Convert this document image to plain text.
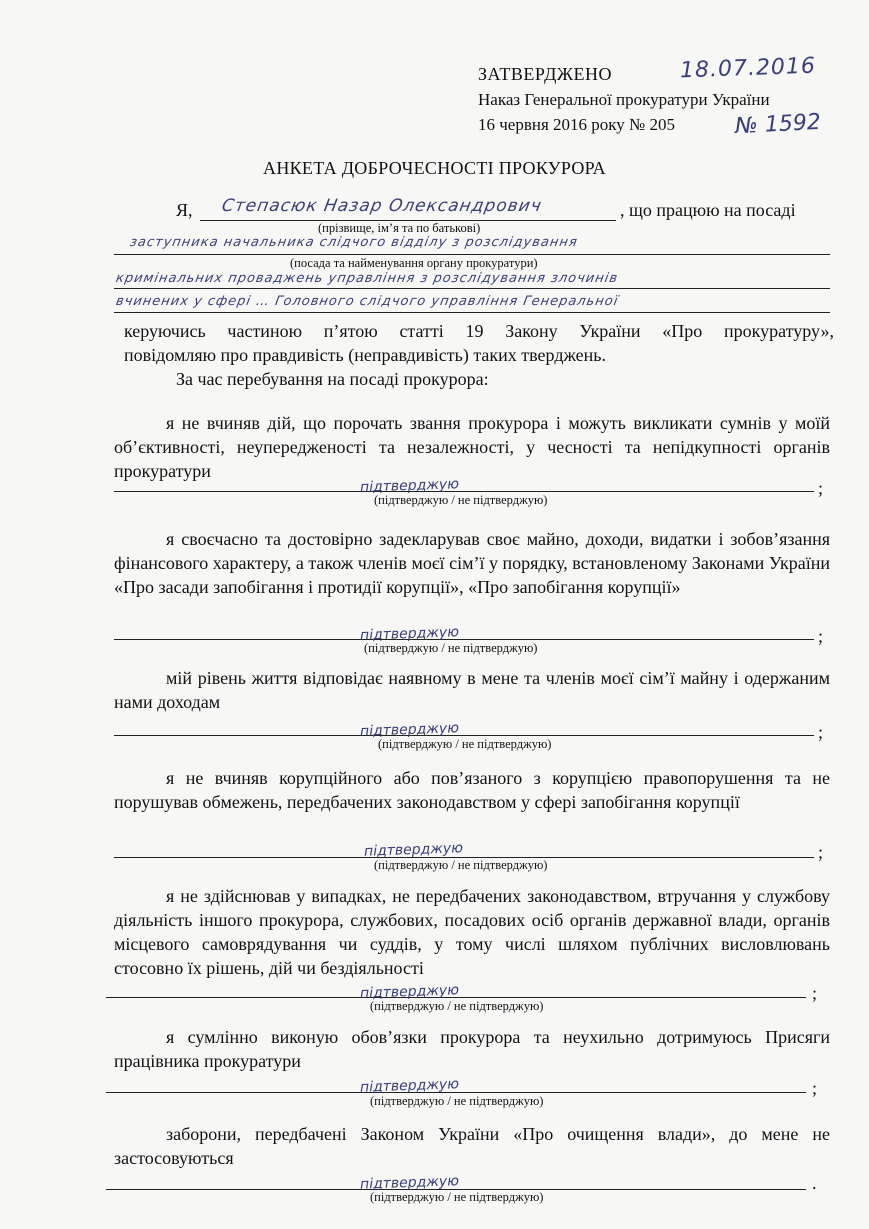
ЗАТВЕРДЖЕНО
Наказ Генеральної прокуратури України
16 червня 2016 року № 205
18.07.2016
№ 1592
АНКЕТА ДОБРОЧЕСНОСТІ ПРОКУРОРА
Я, Степасюк Назар Олександрович	, що працюю на посаді
(прізвище, ім’я та по батькові)
заступника начальника слідчого відділу з розслідування
(посада та найменування органу прокуратури)
кримінальних проваджень управління з розслідування злочинів
вчинених у сфері … Головного слідчого управління Генеральної
керуючись частиною п’ятою статті 19 Закону України «Про прокуратуру»,
повідомляю про правдивість (неправдивість) таких тверджень.
За час перебування на посаді прокурора:
я не вчиняв дій, що порочать звання прокурора і можуть викликати сумнів у моїй об’єктивності, неупередженості та незалежності, у чесності та непідкупності органів прокуратури
підтверджую	;
(підтверджую / не підтверджую)
я своєчасно та достовірно задекларував своє майно, доходи, видатки і зобов’язання фінансового характеру, а також членів моєї сім’ї у порядку, встановленому Законами України «Про засади запобігання і протидії корупції», «Про запобігання корупції»
підтверджую	;
(підтверджую / не підтверджую)
мій рівень життя відповідає наявному в мене та членів моєї сім’ї майну і одержаним нами доходам
підтверджую	;
(підтверджую / не підтверджую)
я не вчиняв корупційного або пов’язаного з корупцією правопорушення та не порушував обмежень, передбачених законодавством у сфері запобігання корупції
підтверджую	;
(підтверджую / не підтверджую)
я не здійснював у випадках, не передбачених законодавством, втручання у службову діяльність іншого прокурора, службових, посадових осіб органів державної влади, органів місцевого самоврядування чи суддів, у тому числі шляхом публічних висловлювань стосовно їх рішень, дій чи бездіяльності
підтверджую	;
(підтверджую / не підтверджую)
я сумлінно виконую обов’язки прокурора та неухильно дотримуюсь Присяги працівника прокуратури
підтверджую	;
(підтверджую / не підтверджую)
заборони, передбачені Законом України «Про очищення влади», до мене не застосовуються
підтверджую	.
(підтверджую / не підтверджую)
